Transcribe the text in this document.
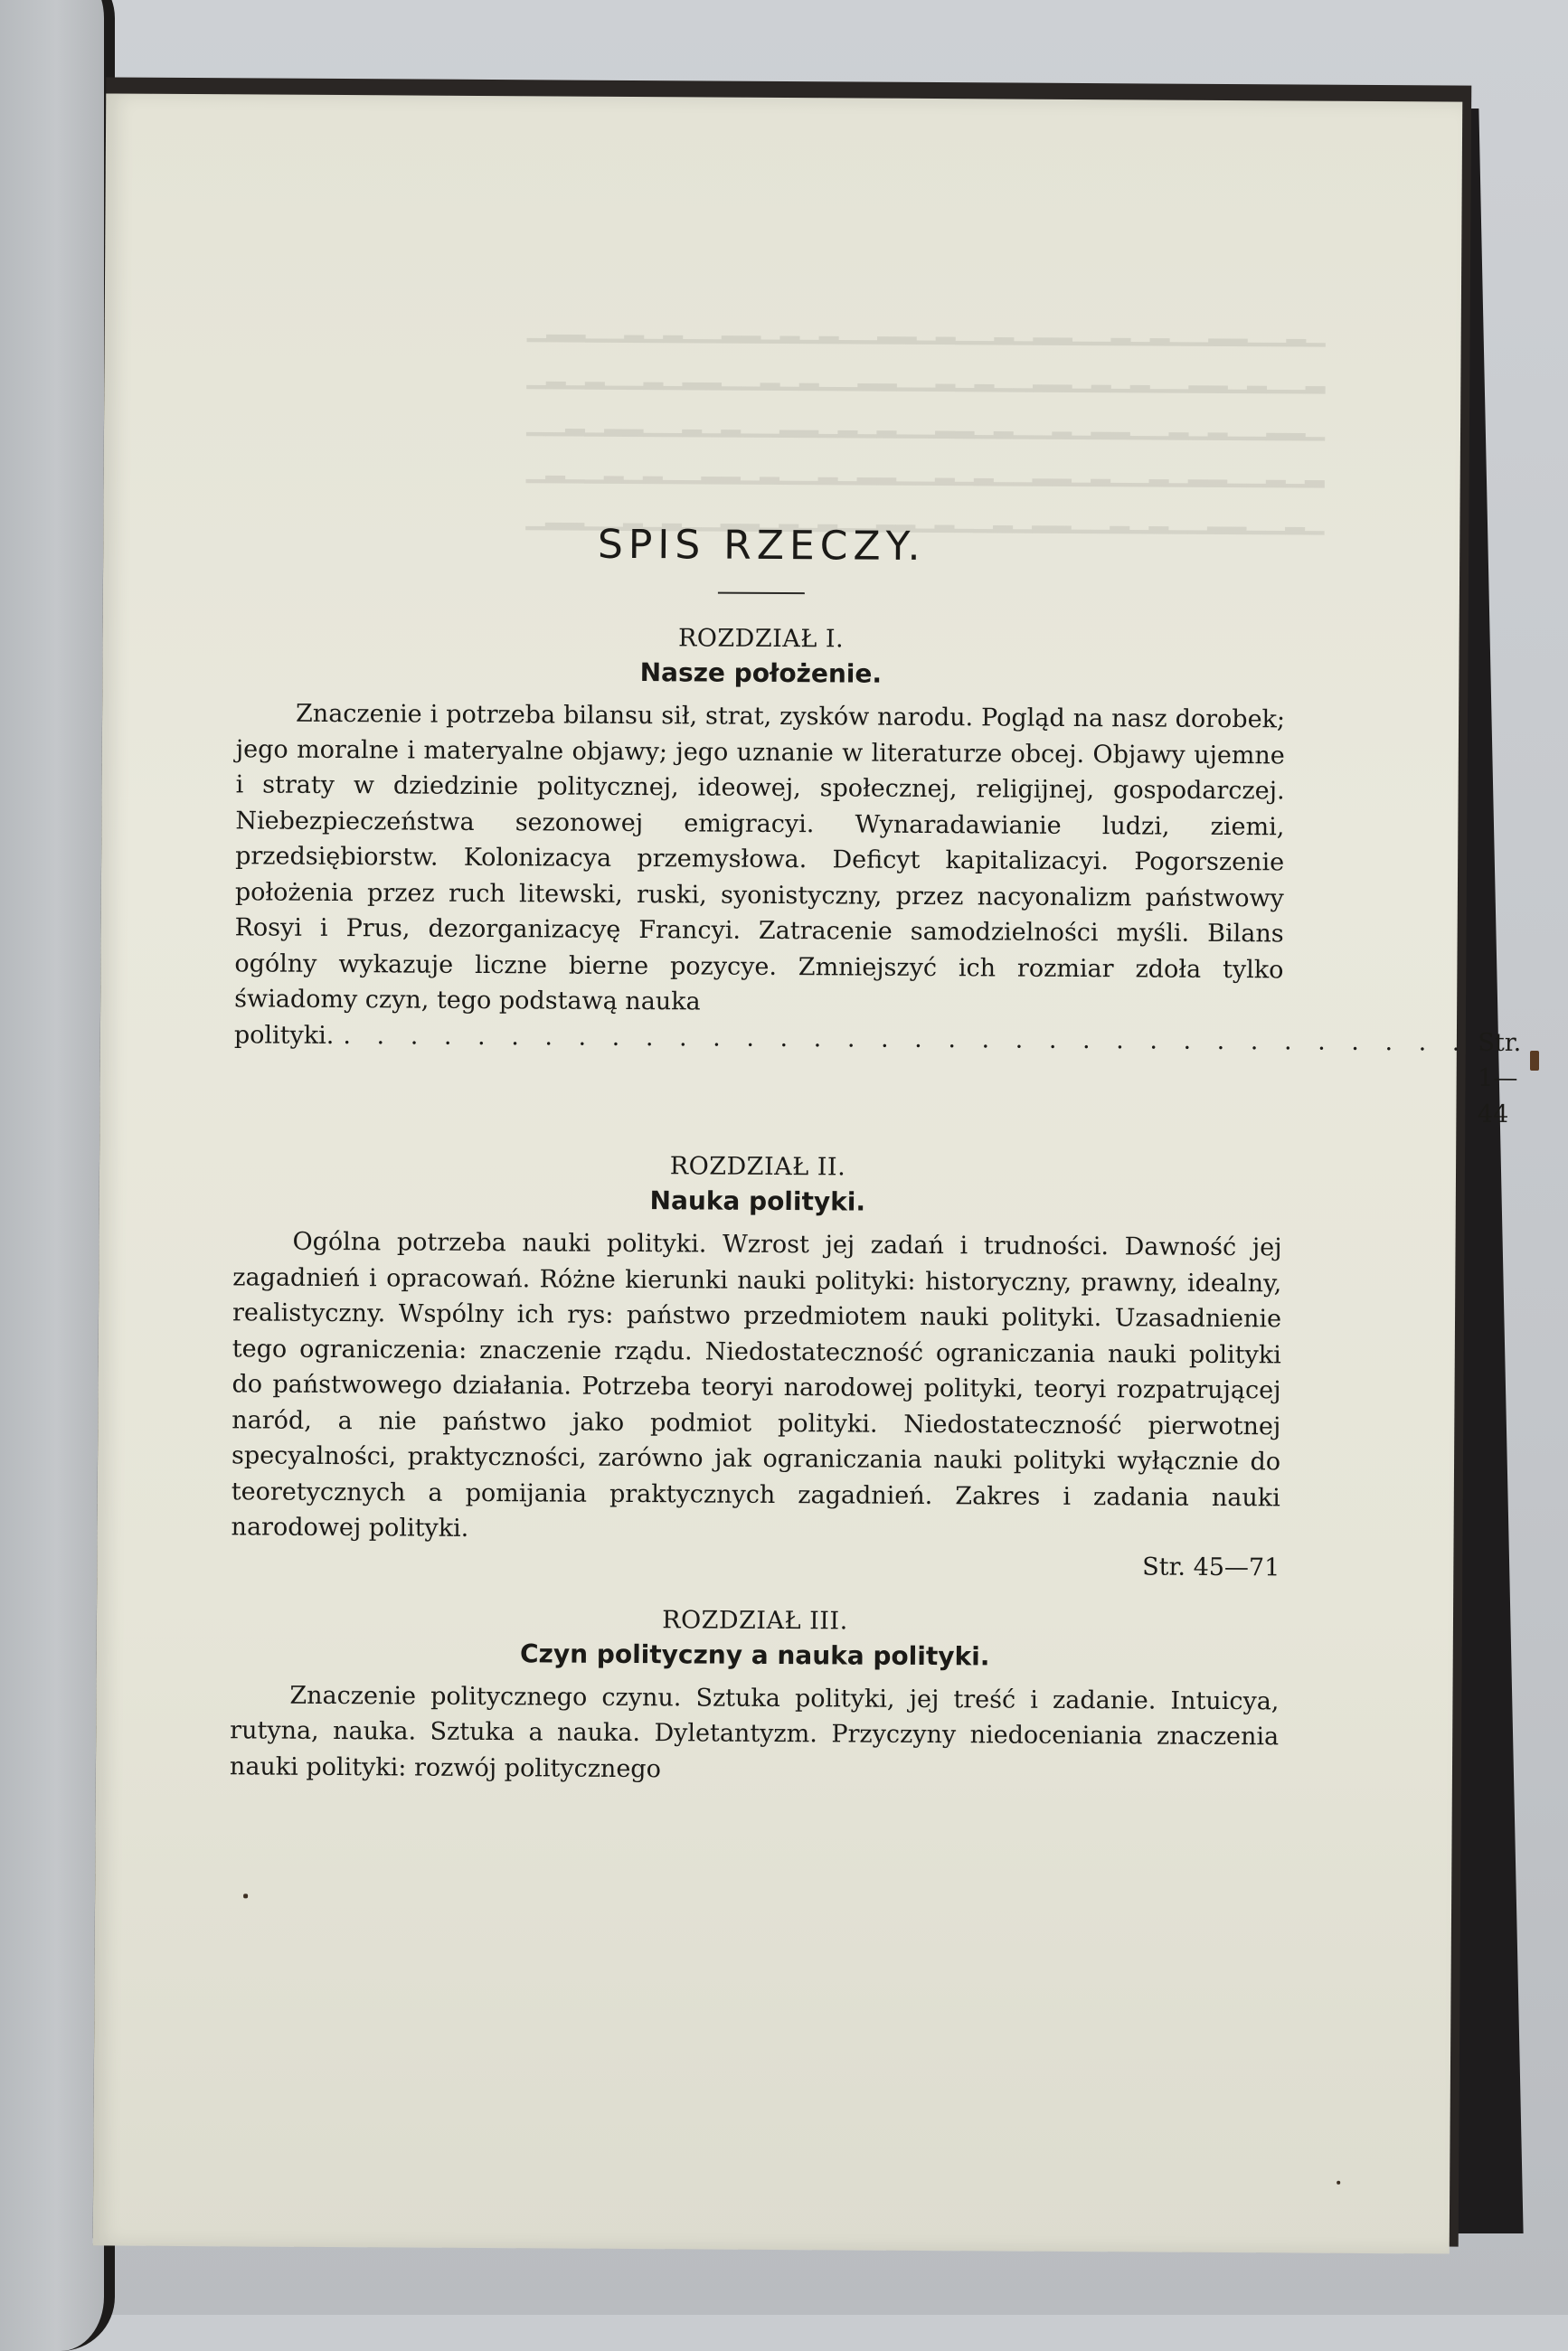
▁▂▁▁▂▂▁▁▂▁▂▁▁▂▂▁▂▁▁▂▁▂▂▁▁▂▁▂▁▂▂▁▁▂▁▂▁▁▂▂▁
▂▁▁▂▁▂▂▁▁▂▁▂▁▂▂▁▁▂▁▂▁▁▂▂▁▁▂▁▂▁▁▂▂▁▂▁▁▂▁▂▁
▁▂▂▁▁▂▁▂▁▁▂▂▁▂▁▁▂▁▂▂▁▁▂▁▂▁▂▂▁▁▂▁▂▁▁▂▂▁▂▁▁
▂▁▂▁▁▂▂▁▂▁▁▂▁▂▂▁▁▂▁▂▁▁▂▂▁▂▁▁▂▁▂▂▁▁▂▁▂▁▁▂▁
▁▂▁▁▂▂▁▁▂▁▂▁▁▂▂▁▂▁▁▂▁▂▂▁▁▂▁▂▁▂▂▁▁▂▁▂▁▁▂▂▁
SPIS RZECZY.

ROZDZIAŁ I.

Nasze położenie.

Znaczenie i potrzeba bilansu sił, strat, zysków narodu. Pogląd na nasz dorobek; jego moralne i materyalne objawy; jego uznanie w literaturze obcej. Objawy ujemne i straty w dziedzinie politycznej, ideowej, społecznej, religijnej, gospodarczej. Niebezpieczeństwa sezonowej emigracyi. Wynaradawianie ludzi, ziemi, przedsiębiorstw. Kolonizacya przemysłowa. Deficyt kapitalizacyi. Pogorszenie położenia przez ruch litewski, ruski, syonistyczny, przez nacyonalizm państwowy Rosyi i Prus, dezorganizacyę Francyi. Zatracenie samodzielności myśli. Bilans ogólny wykazuje liczne bierne pozycye. Zmniejszyć ich rozmiar zdoła tylko świadomy czyn, tego podstawą nauka

polityki. . . . . . . . . . . . . . . . . . . . . . . . . . . . . . . . . . . Str. 1—44

ROZDZIAŁ II.

Nauka polityki.

Ogólna potrzeba nauki polityki. Wzrost jej zadań i trudności. Dawność jej zagadnień i opracowań. Różne kierunki nauki polityki: historyczny, prawny, idealny, realistyczny. Wspólny ich rys: państwo przedmiotem nauki polityki. Uzasadnienie tego ograniczenia: znaczenie rządu. Niedostateczność ograniczania nauki polityki do państwowego działania. Potrzeba teoryi narodowej polityki, teoryi rozpatrującej naród, a nie państwo jako podmiot polityki. Niedostateczność pierwotnej specyalności, praktyczności, zarówno jak ograniczania nauki polityki wyłącznie do teoretycznych a pomijania praktycznych zagadnień. Zakres i zadania nauki narodowej polityki.

Str. 45—71

ROZDZIAŁ III.

Czyn polityczny a nauka polityki.

Znaczenie politycznego czynu. Sztuka polityki, jej treść i zadanie. Intuicya, rutyna, nauka. Sztuka a nauka. Dyletantyzm. Przyczyny niedoceniania znaczenia nauki polityki: rozwój politycznego
